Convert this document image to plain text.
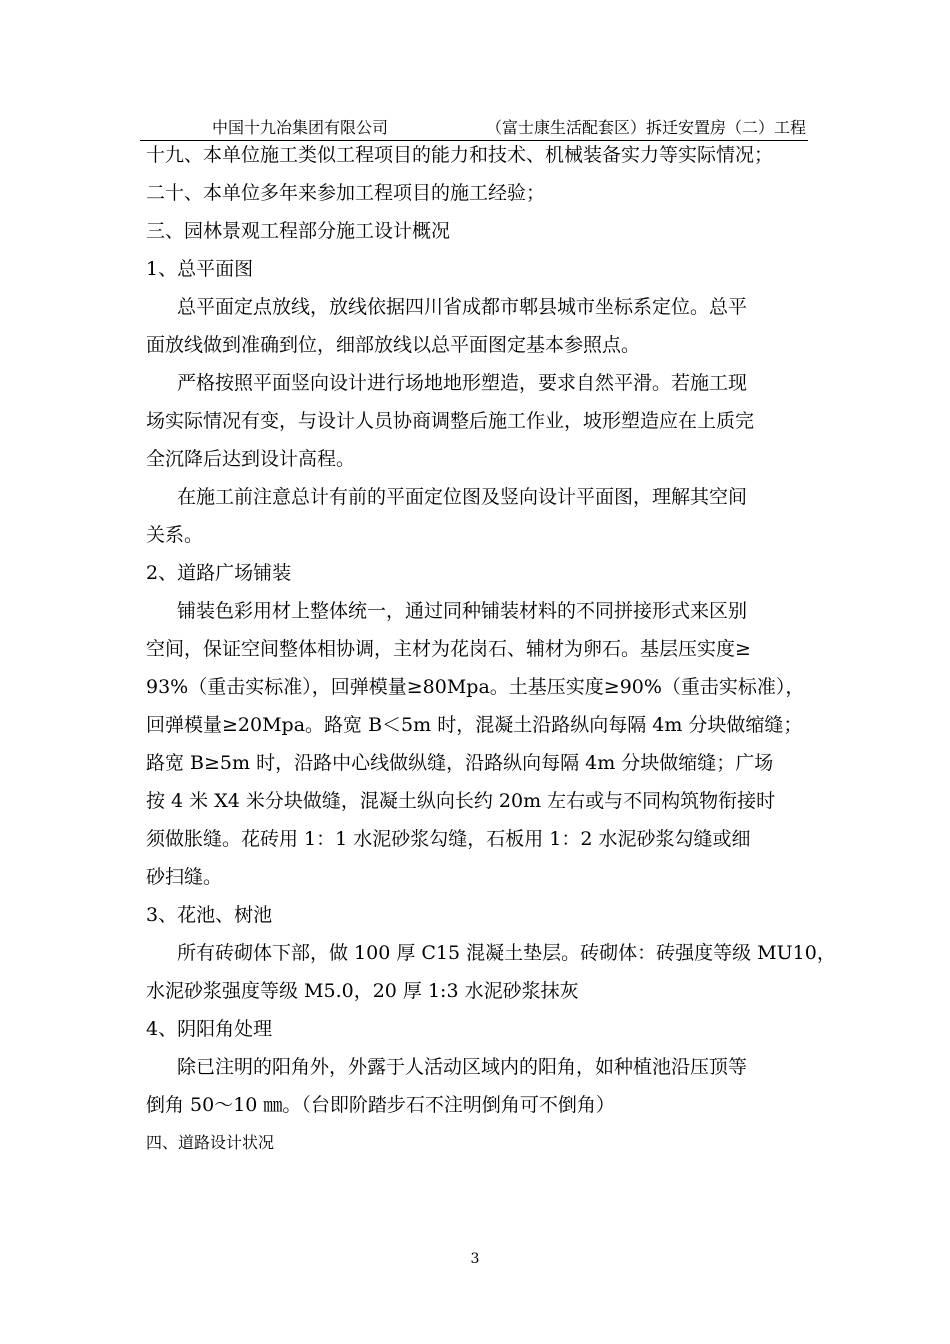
中国十九冶集团有限公司	（富士康生活配套区）拆迁安置房（二）工程
十九、本单位施工类似工程项目的能力和技术、机械装备实力等实际情况；
二十、本单位多年来参加工程项目的施工经验；
三、园林景观工程部分施工设计概况
1、总平面图
总平面定点放线，放线依据四川省成都市郫县城市坐标系定位。总平
面放线做到准确到位，细部放线以总平面图定基本参照点。
严格按照平面竖向设计进行场地地形塑造，要求自然平滑。若施工现
场实际情况有变，与设计人员协商调整后施工作业，坡形塑造应在上质完
全沉降后达到设计高程。
在施工前注意总计有前的平面定位图及竖向设计平面图，理解其空间
关系。
2、道路广场铺装
铺装色彩用材上整体统一，通过同种铺装材料的不同拼接形式来区别
空间，保证空间整体相协调，主材为花岗石、辅材为卵石。基层压实度≥
93%（重击实标准），回弹模量≥80Mpa。土基压实度≥90%（重击实标准），
回弹模量≥20Mpa。路宽 B＜5m 时，混凝土沿路纵向每隔 4m 分块做缩缝；
路宽 B≥5m 时，沿路中心线做纵缝，沿路纵向每隔 4m 分块做缩缝；广场
按 4 米 X4 米分块做缝，混凝土纵向长约 20m 左右或与不同构筑物衔接时
须做胀缝。花砖用 1：1 水泥砂浆勾缝，石板用 1：2 水泥砂浆勾缝或细
砂扫缝。
3、花池、树池
所有砖砌体下部，做 100 厚 C15 混凝土垫层。砖砌体：砖强度等级 MU10，
水泥砂浆强度等级 M5.0，20 厚 1:3 水泥砂浆抹灰
4、阴阳角处理
除已注明的阳角外，外露于人活动区域内的阳角，如种植池沿压顶等
倒角 50～10 ㎜。（台即阶踏步石不注明倒角可不倒角）
四、道路设计状况
3
